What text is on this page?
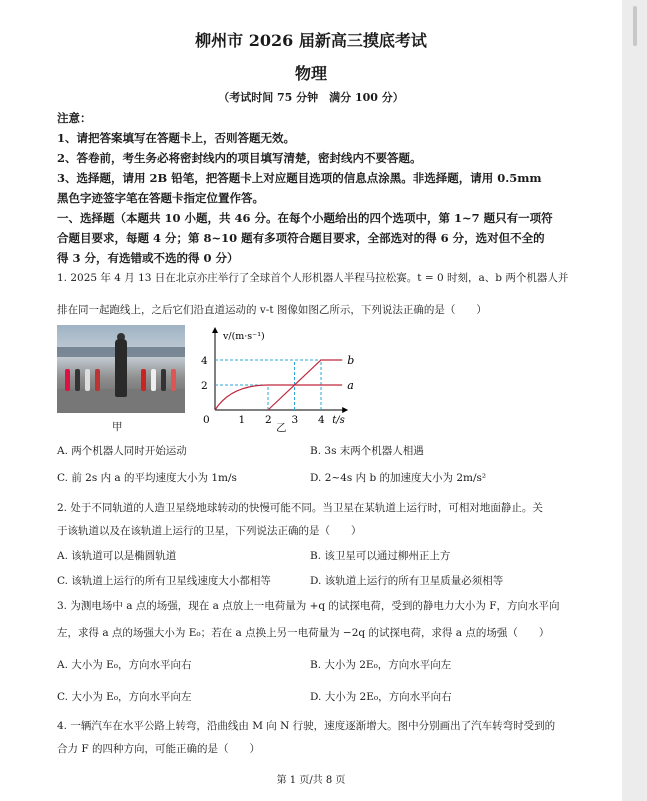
柳州市 2026 届新高三摸底考试
物理
（考试时间 75 分钟　满分 100 分）
注意：
1、请把答案填写在答题卡上，否则答题无效。
2、答卷前，考生务必将密封线内的项目填写清楚，密封线内不要答题。
3、选择题，请用 2B 铅笔，把答题卡上对应题目选项的信息点涂黑。非选择题，请用 0.5mm
黑色字迹签字笔在答题卡指定位置作答。
一、选择题（本题共 10 小题，共 46 分。在每个小题给出的四个选项中，第 1~7 题只有一项符
合题目要求，每题 4 分；第 8~10 题有多项符合题目要求，全部选对的得 6 分，选对但不全的
得 3 分，有选错或不选的得 0 分）
1. 2025 年 4 月 13 日在北京亦庄举行了全球首个人形机器人半程马拉松赛。t = 0 时刻，a、b 两个机器人并
排在同一起跑线上，之后它们沿直道运动的 v-t 图像如图乙所示，下列说法正确的是（　　）
甲
v/(m·s⁻¹)
t/s
0	1 2 3 4
2
4
a
b
乙
A. 两个机器人同时开始运动	B. 3s 末两个机器人相遇
C. 前 2s 内 a 的平均速度大小为 1m/s	D. 2~4s 内 b 的加速度大小为 2m/s²
2. 处于不同轨道的人造卫星绕地球转动的快慢可能不同。当卫星在某轨道上运行时，可相对地面静止。关
于该轨道以及在该轨道上运行的卫星，下列说法正确的是（　　）
A. 该轨道可以是椭圆轨道	B. 该卫星可以通过柳州正上方
C. 该轨道上运行的所有卫星线速度大小都相等	D. 该轨道上运行的所有卫星质量必须相等
3. 为测电场中 a 点的场强，现在 a 点放上一电荷量为 +q 的试探电荷，受到的静电力大小为 F，方向水平向
左，求得 a 点的场强大小为 E₀；若在 a 点换上另一电荷量为 −2q 的试探电荷，求得 a 点的场强（　　）
A. 大小为 E₀，方向水平向右	B. 大小为 2E₀，方向水平向左
C. 大小为 E₀，方向水平向左	D. 大小为 2E₀，方向水平向右
4. 一辆汽车在水平公路上转弯，沿曲线由 M 向 N 行驶，速度逐渐增大。图中分别画出了汽车转弯时受到的
合力 F 的四种方向，可能正确的是（　　）
第 1 页/共 8 页
